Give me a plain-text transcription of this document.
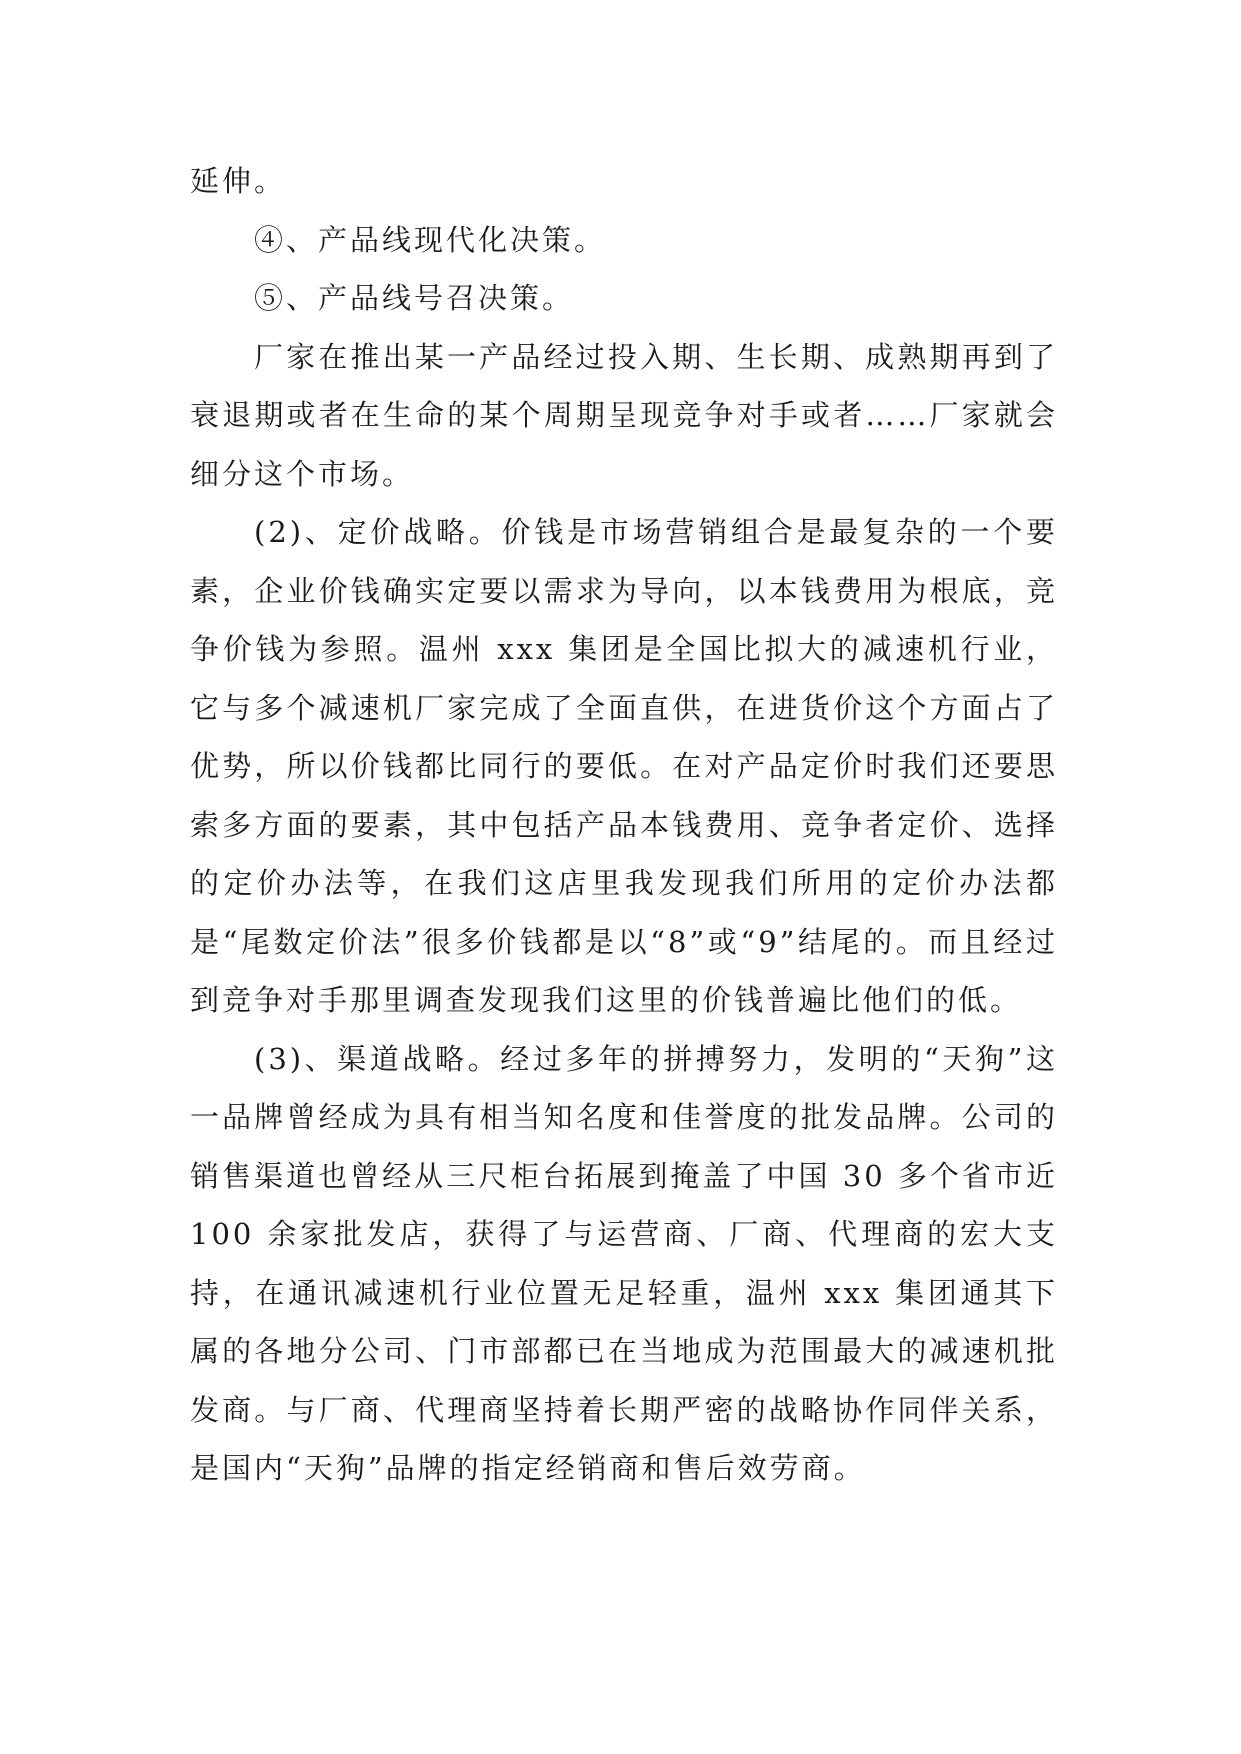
延伸。

④、产品线现代化决策。

⑤、产品线号召决策。

厂家在推出某一产品经过投入期、生长期、成熟期再到了衰退期或者在生命的某个周期呈现竞争对手或者……厂家就会细分这个市场。

(2)、定价战略。价钱是市场营销组合是最复杂的一个要素，企业价钱确实定要以需求为导向，以本钱费用为根底，竞争价钱为参照。温州 xxx 集团是全国比拟大的减速机行业，它与多个减速机厂家完成了全面直供，在进货价这个方面占了优势，所以价钱都比同行的要低。在对产品定价时我们还要思索多方面的要素，其中包括产品本钱费用、竞争者定价、选择的定价办法等，在我们这店里我发现我们所用的定价办法都是“尾数定价法”很多价钱都是以“8”或“9”结尾的。而且经过到竞争对手那里调查发现我们这里的价钱普遍比他们的低。

(3)、渠道战略。经过多年的拼搏努力，发明的“天狗”这一品牌曾经成为具有相当知名度和佳誉度的批发品牌。公司的销售渠道也曾经从三尺柜台拓展到掩盖了中国 30 多个省市近 100 余家批发店，获得了与运营商、厂商、代理商的宏大支持，在通讯减速机行业位置无足轻重，温州 xxx 集团通其下属的各地分公司、门市部都已在当地成为范围最大的减速机批发商。与厂商、代理商坚持着长期严密的战略协作同伴关系，是国内“天狗”品牌的指定经销商和售后效劳商。
